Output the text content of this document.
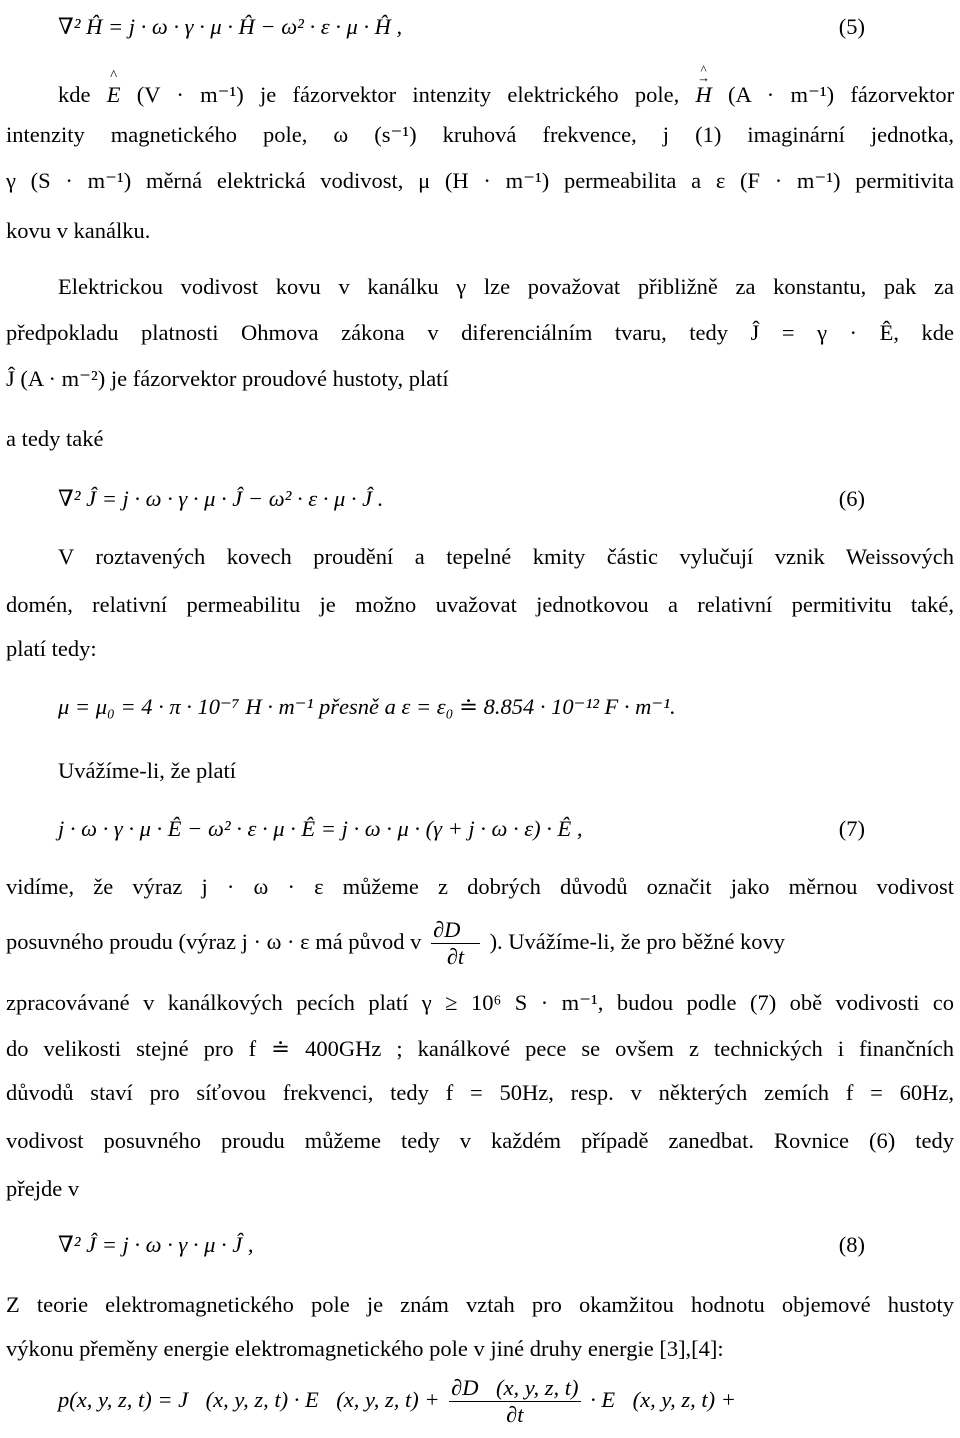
∇² Ĥ = j · ω · γ · μ · Ĥ − ω² · ε · μ · Ĥ ,	(5)
kde ^ E (V · m⁻¹) je fázorvektor intenzity elektrického pole, ^ H → (A · m⁻¹) fázorvektor
intenzity magnetického pole, ω (s⁻¹) kruhová frekvence, j (1) imaginární jednotka,
γ (S · m⁻¹) měrná elektrická vodivost, μ (H · m⁻¹) permeabilita a ε (F · m⁻¹) permitivita
kovu v kanálku.
Elektrickou vodivost kovu v kanálku γ lze považovat přibližně za konstantu, pak za
předpokladu platnosti Ohmova zákona v diferenciálním tvaru, tedy Ĵ = γ · Ê, kde
Ĵ (A · m⁻²) je fázorvektor proudové hustoty, platí
a tedy také
∇² Ĵ = j · ω · γ · μ · Ĵ − ω² · ε · μ · Ĵ .	(6)
V roztavených kovech proudění a tepelné kmity částic vylučují vznik Weissových
domén, relativní permeabilitu je možno uvažovat jednotkovou a relativní permitivitu také,
platí tedy:
μ = μ₀ = 4 · π · 10⁻⁷ H · m⁻¹ přesně a ε = ε₀ ≐ 8.854 · 10⁻¹² F · m⁻¹.
Uvážíme-li, že platí
j · ω · γ · μ · Ê − ω² · ε · μ · Ê = j · ω · μ · (γ + j · ω · ε) · Ê ,	(7)
vidíme, že výraz j · ω · ε můžeme z dobrých důvodů označit jako měrnou vodivost
posuvného proudu (výraz j · ω · ε má původ v $\frac{\partial D⃗}{\partial t}$ ). Uvážíme-li, že pro běžné kovy
zpracovávané v kanálkových pecích platí γ ≥ 10⁶ S · m⁻¹, budou podle (7) obě vodivosti co
do velikosti stejné pro f ≐ 400GHz ; kanálkové pece se ovšem z technických i finančních
důvodů staví pro síťovou frekvenci, tedy f = 50Hz, resp. v některých zemích f = 60Hz,
vodivost posuvného proudu můžeme tedy v každém případě zanedbat. Rovnice (6) tedy
přejde v
∇² Ĵ = j · ω · γ · μ · Ĵ ,	(8)
Z teorie elektromagnetického pole je znám vztah pro okamžitou hodnotu objemové hustoty
výkonu přeměny energie elektromagnetického pole v jiné druhy energie [3],[4]:
p(x, y, z, t) = J⃗(x, y, z, t) · E⃗(x, y, z, $t) + \frac{\partial D⃗(x, y, z, t)}{\partial t}$ · E⃗(x, y, z, t) +
